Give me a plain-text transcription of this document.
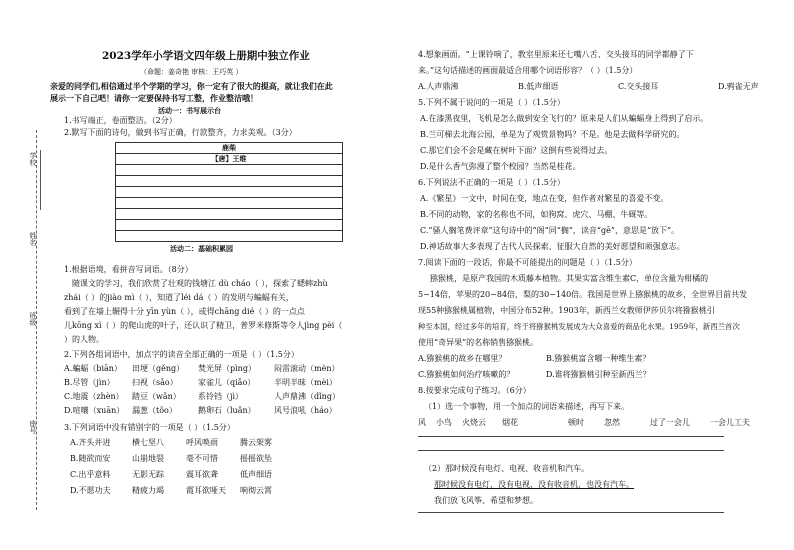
学校
姓名
班级
座号
2023学年小学语文四年级上册期中独立作业
（命题：姜奇艳 审核：王巧英 ）
亲爱的同学们,相信通过半个学期的学习，你一定有了很大的提高，就让我们在此
展示一下自己吧！请你一定要保持书写工整，作业整洁哦！
活动一：书写展示台
1.书写端正，卷面整洁。（2分）
2.默写下面的诗句，做到书写正确，行款整齐，力求美观。（3分）
鹿柴
【唐】王维

活动二：基础积累园
1.根据语境，看拼音写词语。（8分）
随课文的学习，我们欣赏了壮观的钱塘江 dù cháo（ ），探索了蟋蟀zhù
zhái（ ）的jiào mì（ ），知道了léi dá（ ）的发明与蝙蝠有关，
看到了在墙上辗得十分 yīn yùn（ ），或得chāng dié（ ）的一点点
儿kōng xì（ ）的爬山虎的叶子，还认识了精卫，普罗米修斯等令人jìng pèi（
）的人物。
2.下列各组词语中，加点字的读音全部正确的一项是（ ）（1.5分）
A.蝙蝠（biān） 田埂（gěng） 焚光屏（pìng） 闷雷滚动（mèn）
B.尽管（jìn） 扫视（sǎo）	家雀儿（qiǎo） 半明半昧（mèi）
C.地震（zhèn） 踏豆（wǎn） 系铃铛（jì）	人声鼎沸（dǐng）
D.喧嚷（xuān） 漏葱（tǒo）	鹅卵石（luǎn） 风号浪吼（háo）
3.下列词语中没有错别字的一项是（ ）（1.5分）
A.齐头并进	横七坚八	呼风唤雨	腾云架雾
B.随欲而安	山崩地裂	毫不可惜	摇摇欲坠
C.出乎意料	无影无踪	震耳欲聋	低声细语
D.不愿功夫	精疲力竭	霞耳欲哑天 响彻云霄
4.想象画面。“上课铃响了，教室里原来还七嘴八舌、交头接耳的同学都静了下
来。”这句话描述的画面最适合用哪个词语形容？（ ）（1.5分）
A.人声鼎沸	B.低声细语	C.交头接耳	D.鸦雀无声
5.下列不属于说问的一项是（ ）（1.5分）
A.在漆黑夜里，飞机是怎么做到安全飞行的？原来是人们从蝙蝠身上得到了启示。
B.兰可梯去北海公园，单是为了观赏景物吗？不是。他是去做科学研究的。
C.那它们会不会是藏在树叶下面？这倒有些说得过去。
D.是什么香气弥漫了整个校园？当然是桂花。
6.下列说法不正确的一项是（ ）（1.5分）
A.《繁星》一文中，时间在变，地点在变，但作者对繁星的喜爱不变。
B.不同的动物，家的名称也不同，如狗窝、虎穴、马棚、牛厩等。
C.“骚人搁笔费评章”这句诗中的“阁”同“搁”，读音“gē”，意思是“放下”。
D.神话故事大多表现了古代人民探索、征服大自然的美好愿望和顽强意志。
7.阅读下面的一段话，你最不可能提出的问题是（ ）（1.5分）
猕猴桃，是原产我国的木质藤本植物。其果实富含维生素C，单位含量为柑橘的
5~14倍，苹果的20~84倍，梨的30~140倍。我国是世界上猕猴桃的故乡，全世界目前共发
现55种猕猴桃属植物，中国分布52种。1903年，新西兰女教师伊莎贝尔将猕猴桃引
种至本国，经过多年的培育，终于将猕猴桃发展成为大众喜爱的商品化水果。1959年，新西兰首次
使用“奇异果”的名称销售猕猴桃。
A.猕猴桃的故乡在哪里？	B.猕猴桃富含哪一种维生素？
C.猕猴桃如何治疗咳嗽的？	D.谁将猕猴桃引种至新西兰？
8.按要求完成句子练习。（6分）
（1）选一个事物，用一个加点的词语来描述，再写下来。
风 小鸟 火烧云 烟花	顿时	忽然	过了一会儿	一会儿工夫
（2）那时候没有电灯、电视、收音机和汽车。
那时候没有电灯，没有电视，没有收音机，也没有汽车。
我们放飞风筝、希望和梦想。
